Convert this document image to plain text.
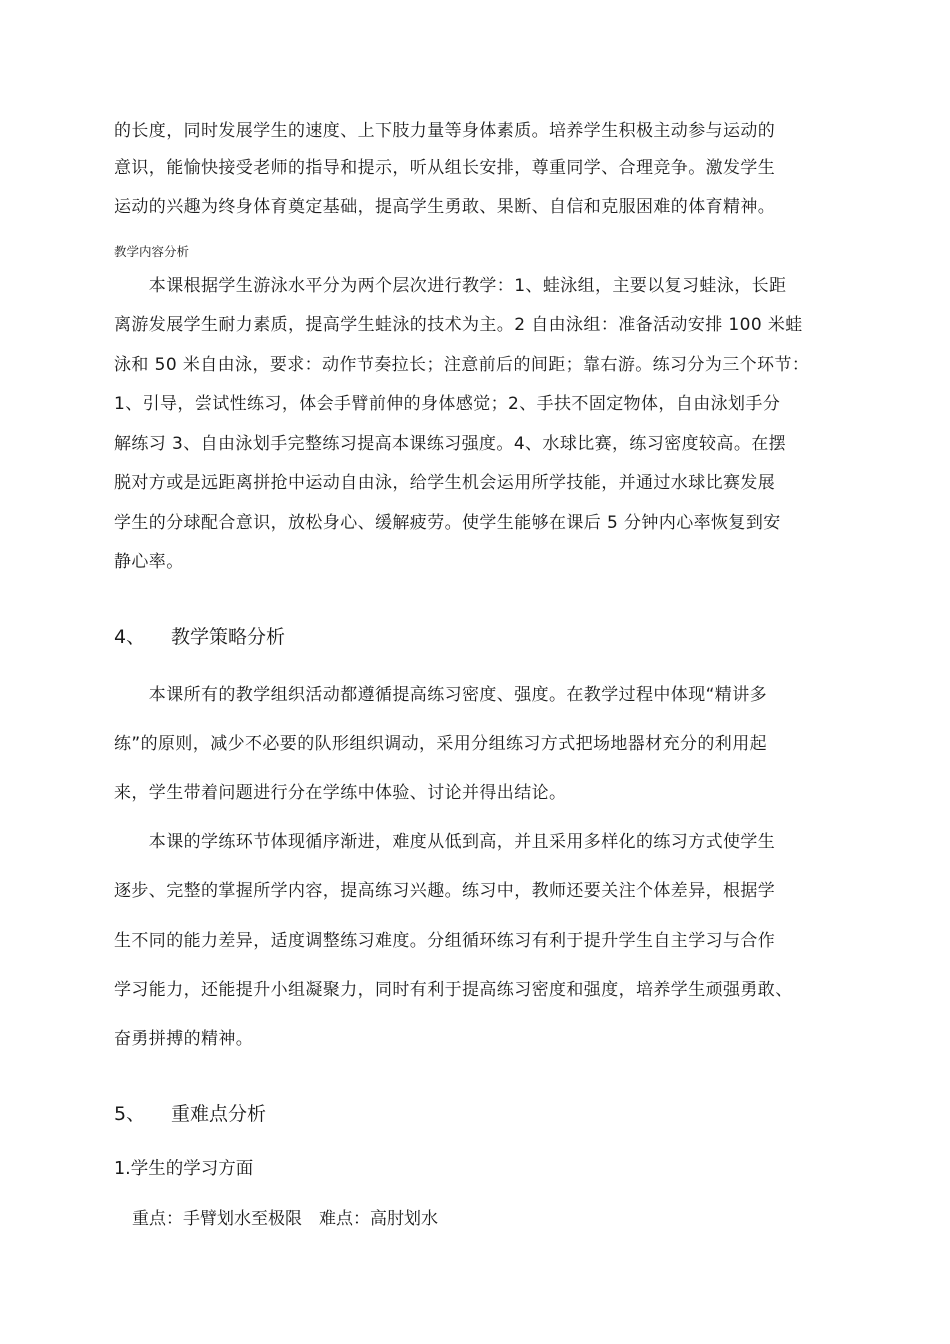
的长度，同时发展学生的速度、上下肢力量等身体素质。培养学生积极主动参与运动的
意识，能愉快接受老师的指导和提示，听从组长安排，尊重同学、合理竞争。激发学生
运动的兴趣为终身体育奠定基础，提高学生勇敢、果断、自信和克服困难的体育精神。
教学内容分析
　　本课根据学生游泳水平分为两个层次进行教学：1、蛙泳组，主要以复习蛙泳，长距
离游发展学生耐力素质，提高学生蛙泳的技术为主。2 自由泳组：准备活动安排 100 米蛙
泳和 50 米自由泳，要求：动作节奏拉长；注意前后的间距；靠右游。练习分为三个环节：
1、引导，尝试性练习，体会手臂前伸的身体感觉；2、手扶不固定物体，自由泳划手分
解练习 3、自由泳划手完整练习提高本课练习强度。4、水球比赛，练习密度较高。在摆
脱对方或是远距离拼抢中运动自由泳，给学生机会运用所学技能，并通过水球比赛发展
学生的分球配合意识，放松身心、缓解疲劳。使学生能够在课后 5 分钟内心率恢复到安
静心率。
4、 教学策略分析
　　本课所有的教学组织活动都遵循提高练习密度、强度。在教学过程中体现“精讲多
练”的原则，减少不必要的队形组织调动，采用分组练习方式把场地器材充分的利用起
来，学生带着问题进行分在学练中体验、讨论并得出结论。
　　本课的学练环节体现循序渐进，难度从低到高，并且采用多样化的练习方式使学生
逐步、完整的掌握所学内容，提高练习兴趣。练习中，教师还要关注个体差异，根据学
生不同的能力差异，适度调整练习难度。分组循环练习有利于提升学生自主学习与合作
学习能力，还能提升小组凝聚力，同时有利于提高练习密度和强度，培养学生顽强勇敢、
奋勇拼搏的精神。
5、 重难点分析
1.学生的学习方面
重点：手臂划水至极限　难点：高肘划水
